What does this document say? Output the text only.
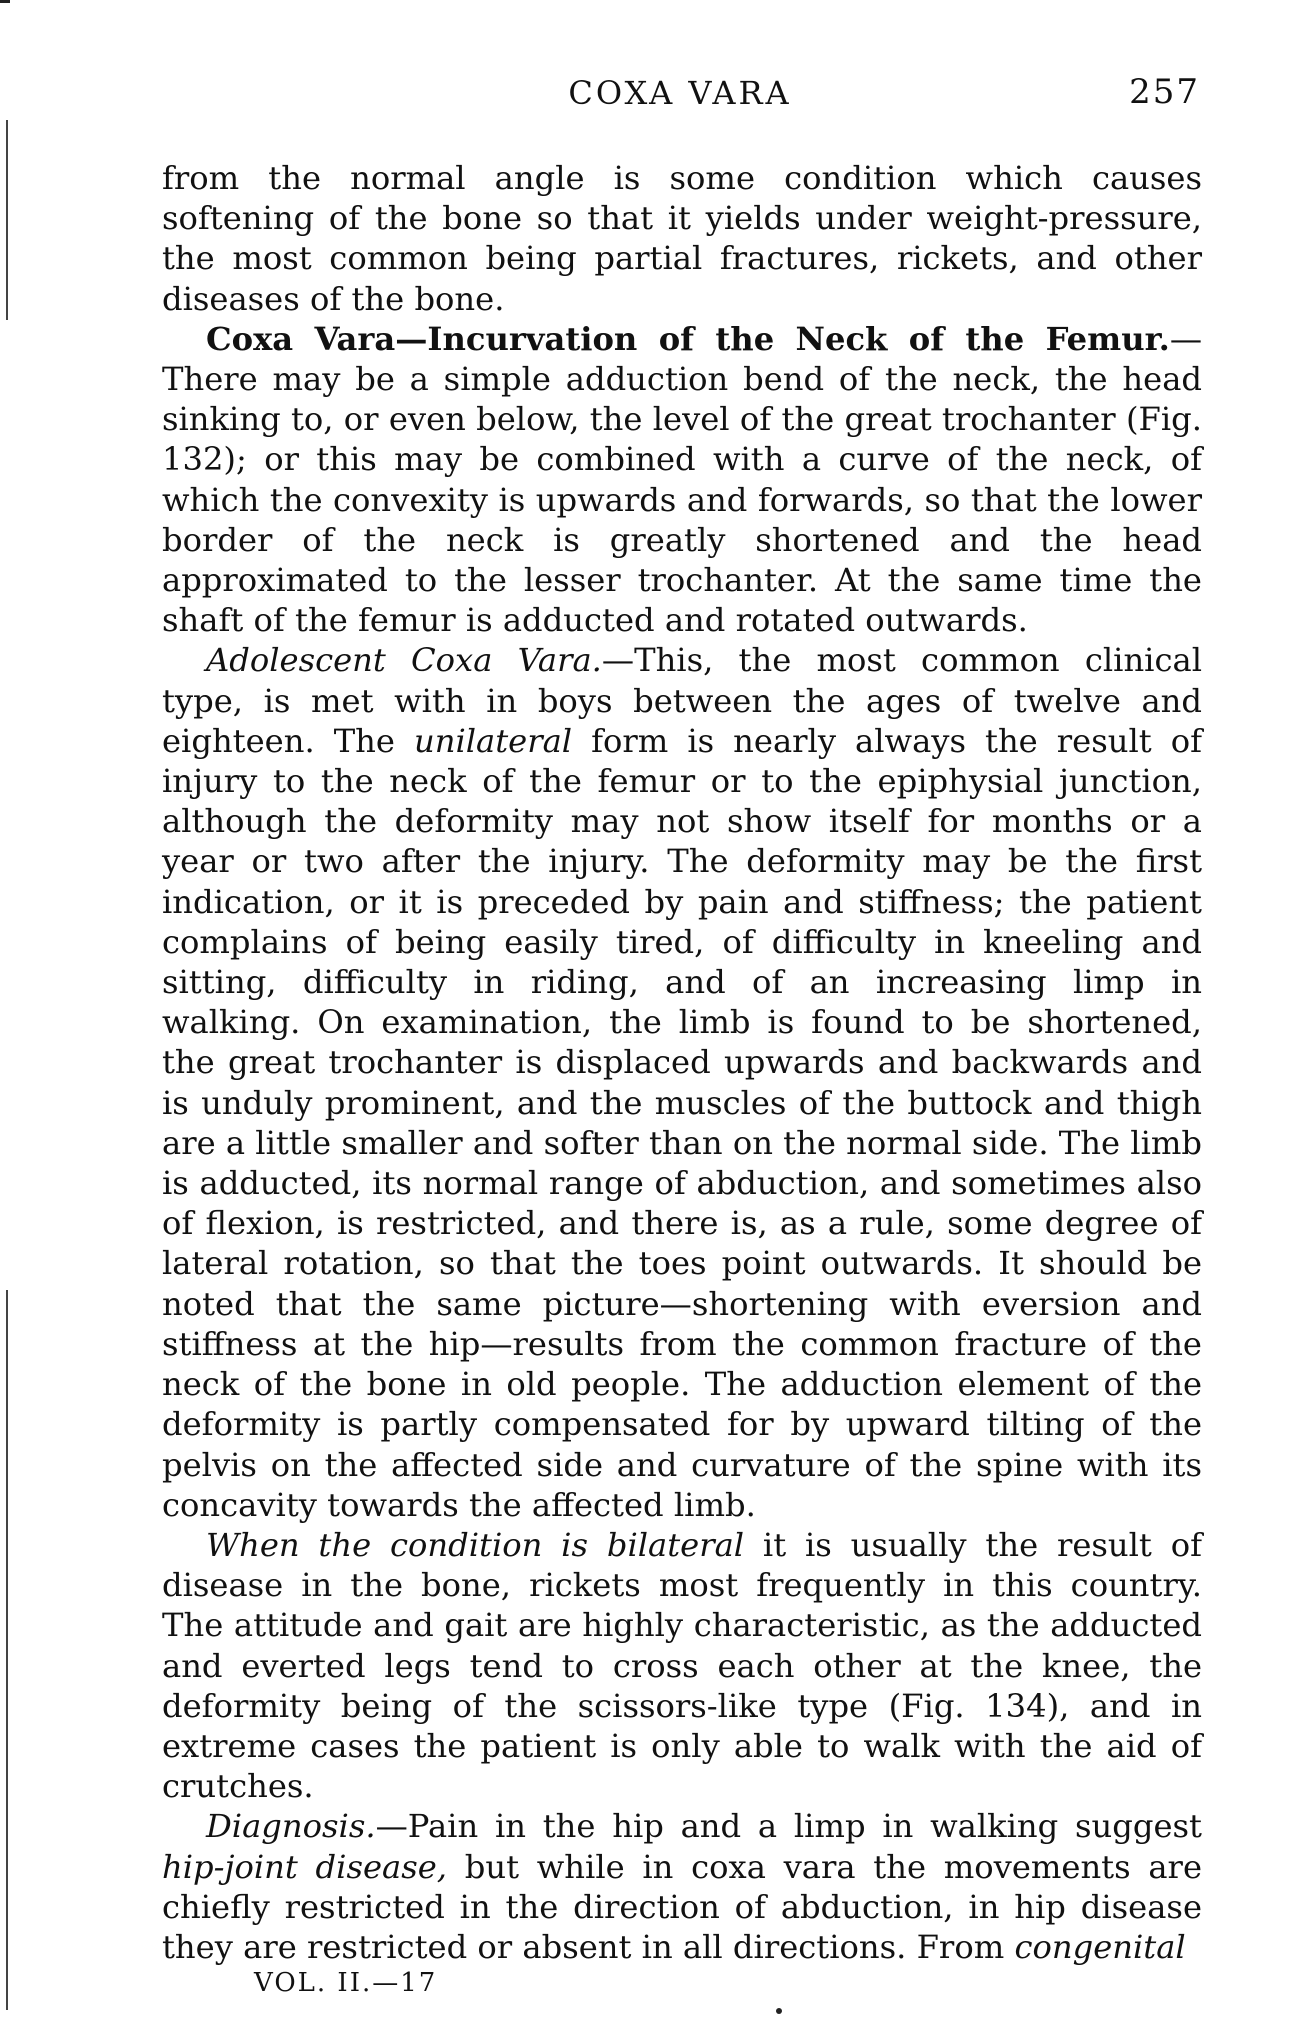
COXA VARA	257

from the normal angle is some condition which causes softening of the bone so that it yields under weight-pressure, the most common being partial fractures, rickets, and other diseases of the bone.

Coxa Vara—Incurvation of the Neck of the Femur.—There may be a simple adduction bend of the neck, the head sinking to, or even below, the level of the great trochanter (Fig. 132); or this may be combined with a curve of the neck, of which the convexity is upwards and forwards, so that the lower border of the neck is greatly shortened and the head approximated to the lesser trochanter. At the same time the shaft of the femur is adducted and rotated outwards.

Adolescent Coxa Vara.—This, the most common clinical type, is met with in boys between the ages of twelve and eighteen. The unilateral form is nearly always the result of injury to the neck of the femur or to the epiphysial junction, although the deformity may not show itself for months or a year or two after the injury. The deformity may be the first indication, or it is preceded by pain and stiffness; the patient complains of being easily tired, of difficulty in kneeling and sitting, difficulty in riding, and of an increasing limp in walking. On examination, the limb is found to be shortened, the great trochanter is displaced upwards and backwards and is unduly prominent, and the muscles of the buttock and thigh are a little smaller and softer than on the normal side. The limb is adducted, its normal range of abduction, and sometimes also of flexion, is restricted, and there is, as a rule, some degree of lateral rotation, so that the toes point outwards. It should be noted that the same picture—shortening with eversion and stiffness at the hip—results from the common fracture of the neck of the bone in old people. The adduction element of the deformity is partly compensated for by upward tilting of the pelvis on the affected side and curvature of the spine with its concavity towards the affected limb.

When the condition is bilateral it is usually the result of disease in the bone, rickets most frequently in this country. The attitude and gait are highly characteristic, as the adducted and everted legs tend to cross each other at the knee, the deformity being of the scissors-like type (Fig. 134), and in extreme cases the patient is only able to walk with the aid of crutches.

Diagnosis.—Pain in the hip and a limp in walking suggest hip-joint disease, but while in coxa vara the movements are chiefly restricted in the direction of abduction, in hip disease they are restricted or absent in all directions. From congenital

VOL. II.—17
